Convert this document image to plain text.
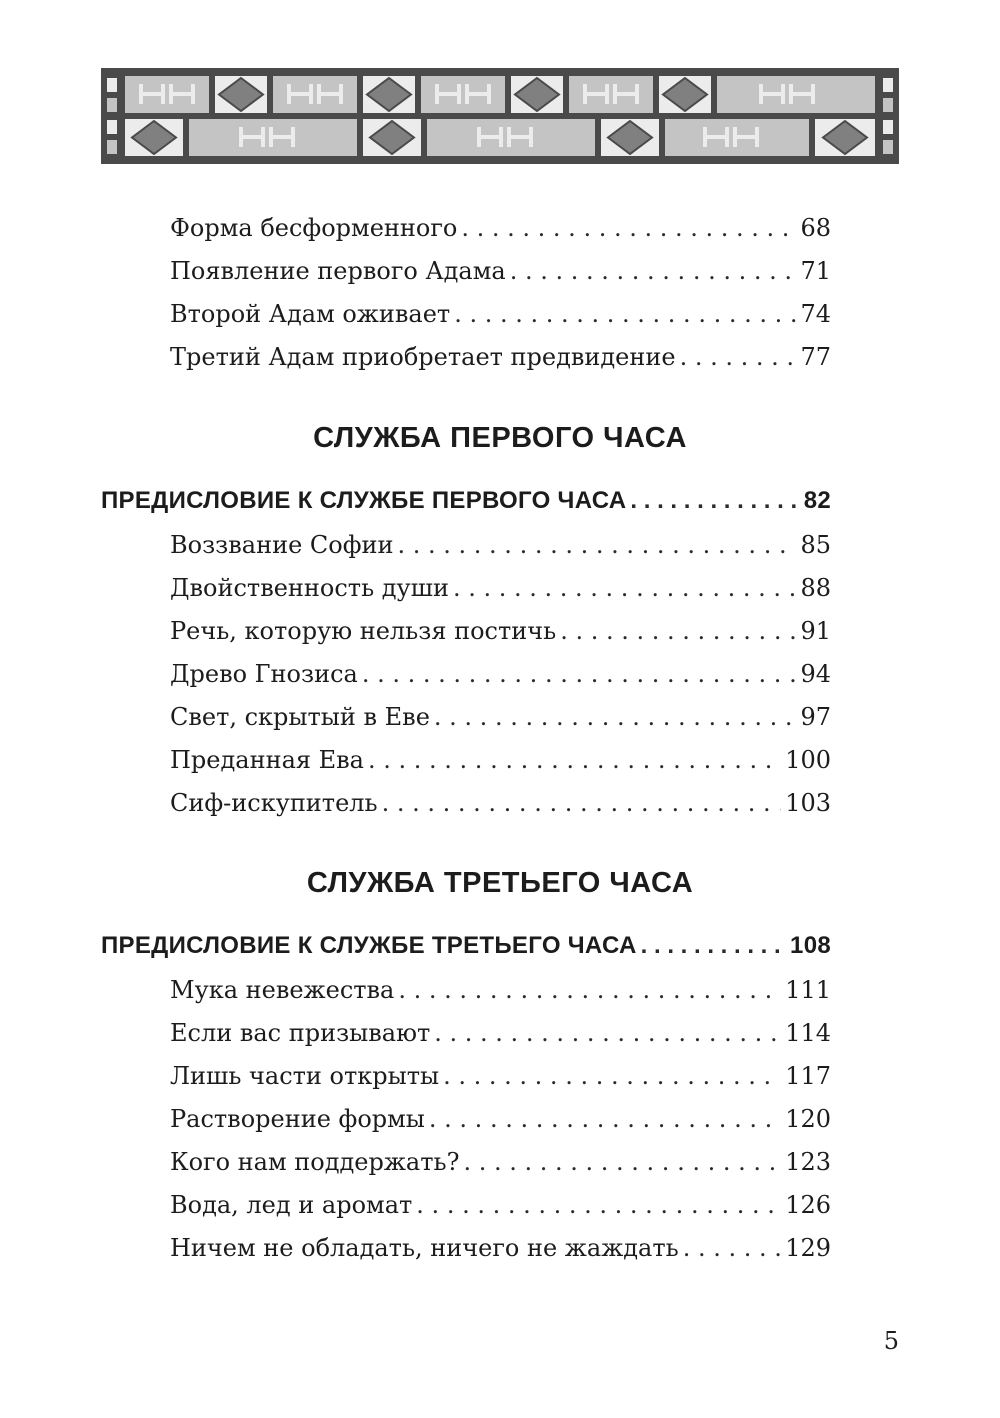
Форма бесформенного . . .	68
Появление первого Адама . . .	71
Второй Адам оживает . . .	74
Третий Адам приобретает предвидение . . .	77
СЛУЖБА ПЕРВОГО ЧАСА
ПРЕДИСЛОВИЕ К СЛУЖБЕ ПЕРВОГО ЧАСА . . .	82
Воззвание Софии . . .	85
Двойственность души . . .	88
Речь, которую нельзя постичь . . .	91
Древо Гнозиса . . .	94
Свет, скрытый в Еве . . .	97
Преданная Ева . . .	100
Сиф-искупитель . . .	103
СЛУЖБА ТРЕТЬЕГО ЧАСА
ПРЕДИСЛОВИЕ К СЛУЖБЕ ТРЕТЬЕГО ЧАСА . . .	108
Мука невежества . . .	111
Если вас призывают . . .	114
Лишь части открыты . . .	117
Растворение формы . . .	120
Кого нам поддержать? . . .	123
Вода, лед и аромат . . .	126
Ничем не обладать, ничего не жаждать . . .	129
5
